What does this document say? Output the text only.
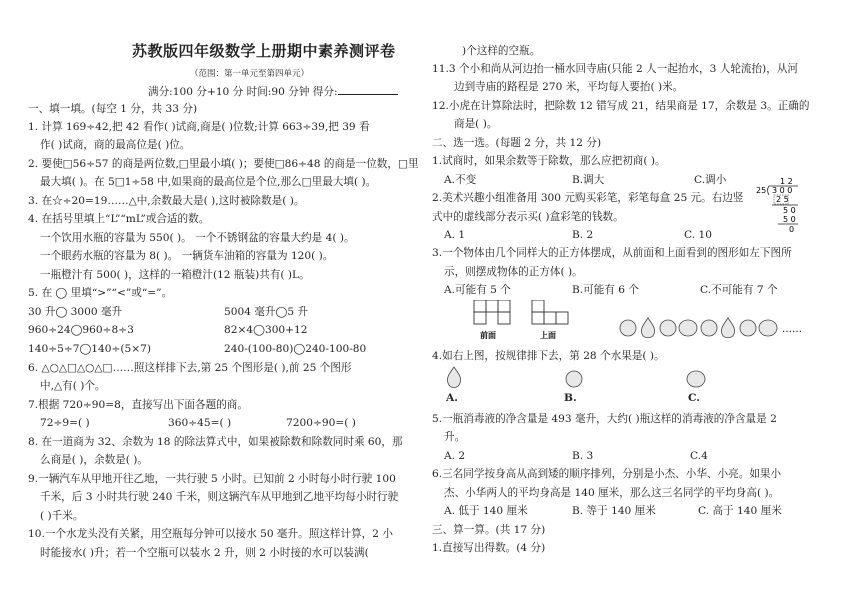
苏教版四年级数学上册期中素养测评卷
（范围：第一单元至第四单元）
满分:100 分+10 分 时间:90 分钟 得分:
一、填一填。(每空 1 分，共 33 分)
1. 计算 169÷42,把 42 看作( )试商,商是( )位数;计算 663÷39,把 39 看
作( )试商，商的最高位是( )位。
2. 要使□56÷57 的商是两位数,□里最小填( )；要使□86÷48 的商是一位数，□里
最大填( )。在 5□1÷58 中,如果商的最高位是个位,那么□里最大填( )。
3. 在☆÷20=19……△中,余数最大是( ),这时被除数是( )。
4. 在括号里填上“L”“mL”或合适的数。
一个饮用水瓶的容量为 550( )。 一个不锈钢盆的容量大约是 4( )。
一个眼药水瓶的容量为 8( )。 一辆货车油箱的容量为 120( )。
一瓶橙汁有 500( )，这样的一箱橙汁(12 瓶装)共有( )L。
5. 在 ◯ 里填“>”“<”或“=”。
30 升◯ 3000 毫升	5004 毫升◯5 升
960÷24◯960÷8÷3	82×4◯300+12
140÷5÷7◯140÷(5×7)	240-(100-80)◯240-100-80
6. △○△□△○△□……照这样排下去,第 25 个图形是( ),前 25 个图形
中,△有( )个。
7.根据 720÷90=8，直接写出下面各题的商。
72÷9=( )	360÷45=( )	7200÷90=( )
8. 在一道商为 32、余数为 18 的除法算式中，如果被除数和除数同时乘 60，那
么商是( )，余数是( )。
9.一辆汽车从甲地开往乙地，一共行驶 5 小时。已知前 2 小时每小时行驶 100
千米，后 3 小时共行驶 240 千米，则这辆汽车从甲地到乙地平均每小时行驶
( )千米。
10.一个水龙头没有关紧，用空瓶每分钟可以接水 50 毫升。照这样计算，2 小
时能接水( )升；若一个空瓶可以装水 2 升，则 2 小时接的水可以装满(
)个这样的空瓶。
11.3 个小和尚从河边抬一桶水回寺庙(只能 2 人一起抬水，3 人轮流抬)，从河
边到寺庙的路程是 270 米，平均每人要抬( )米。
12.小虎在计算除法时，把除数 12 错写成 21，结果商是 17，余数是 3。正确的
商是( )。
二、选一选。(每题 2 分，共 12 分)
1.试商时，如果余数等于除数，那么应把初商( )。
A.不变	B.调大	C.调小
2.美术兴趣小组准备用 300 元购买彩笔，彩笔每盒 25 元。右边竖
式中的虚线部分表示买( )盒彩笔的钱数。
1 2
25 3 0 0
2 5
5 0
5 0
0
A. 1	B. 2	C. 10
3.一个物体由几个同样大的正方体摆成，从前面和上面看到的图形如左下图所
示，则摆成物体的正方体( )。
A.可能有 5 个	B.可能有 6 个	C.不可能有 7 个
前面	上面
……
4.如右上图，按规律排下去，第 28 个水果是( )。
A.	B.	C.
5.一瓶消毒液的净含量是 493 毫升，大约( )瓶这样的消毒液的净含量是 2
升。
A. 2	B. 3	C.4
6.三名同学按身高从高到矮的顺序排列，分别是小杰、小华、小亮。如果小
杰、小华两人的平均身高是 140 厘米，那么这三名同学的平均身高( )。
A. 低于 140 厘米	B. 等于 140 厘米	C. 高于 140 厘米
三、算一算。(共 17 分)
1.直接写出得数。(4 分)
